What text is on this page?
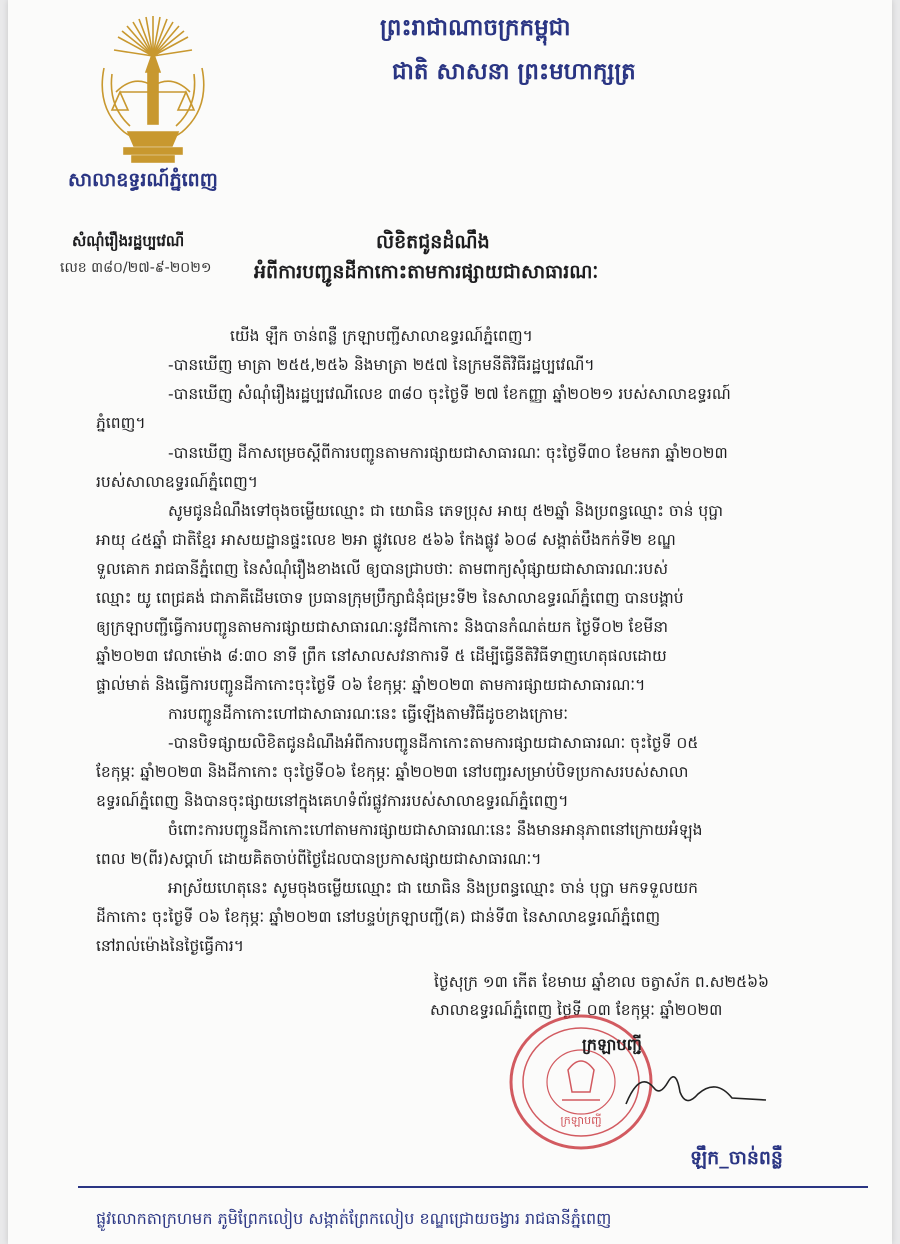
សាលាឧទ្ធរណ៍ភ្នំពេញ
ព្រះរាជាណាចក្រកម្ពុជា
ជាតិ សាសនា ព្រះមហាក្សត្រ
សំណុំរឿងរដ្ឋប្បវេណី
លេខ ៣៨០/២៧-៩-២០២១
លិខិតជូនដំណឹង
អំពីការបញ្ជូនដីកាកោះតាមការផ្សាយជាសាធារណៈ
យើង ឡឹក ចាន់ពន្លឺ ក្រឡាបញ្ជីសាលាឧទ្ធរណ៍ភ្នំពេញ។
-បានឃើញ មាត្រា ២៥៥,២៥៦ និងមាត្រា ២៥៧ នៃក្រមនីតិវិធីរដ្ឋប្បវេណី។
-បានឃើញ សំណុំរឿងរដ្ឋប្បវេណីលេខ ៣៨០ ចុះថ្ងៃទី ២៧ ខែកញ្ញា ឆ្នាំ២០២១ របស់សាលាឧទ្ធរណ៍
ភ្នំពេញ។
-បានឃើញ ដីកាសម្រេចស្តីពីការបញ្ជូនតាមការផ្សាយជាសាធារណៈ ចុះថ្ងៃទី៣០ ខែមករា ឆ្នាំ២០២៣
របស់សាលាឧទ្ធរណ៍ភ្នំពេញ។
សូមជូនដំណឹងទៅចុងចម្លើយឈ្មោះ ជា យោធិន ភេទប្រុស អាយុ ៥២ឆ្នាំ និងប្រពន្ធឈ្មោះ ចាន់ បុប្ផា
អាយុ ៤៥ឆ្នាំ ជាតិខ្មែរ អាសយដ្ឋានផ្ទះលេខ ២អា ផ្លូវលេខ ៥៦៦ កែងផ្លូវ ៦០៨ សង្កាត់បឹងកក់ទី២ ខណ្ឌ
ទួលគោក រាជធានីភ្នំពេញ នៃសំណុំរឿងខាងលើ ឲ្យបានជ្រាបថាៈ តាមពាក្យសុំផ្សាយជាសាធារណៈរបស់
ឈ្មោះ យូ ពេជ្រគង់ ជាភាគីដើមចោទ ប្រធានក្រុមប្រឹក្សាជំនុំជម្រះទី២ នៃសាលាឧទ្ធរណ៍ភ្នំពេញ បានបង្គាប់
ឲ្យក្រឡាបញ្ជីធ្វើការបញ្ជូនតាមការផ្សាយជាសាធារណៈនូវដីកាកោះ និងបានកំណត់យក ថ្ងៃទី០២ ខែមីនា
ឆ្នាំ២០២៣ វេលាម៉ោង ៨:៣០ នាទី ព្រឹក នៅសាលសវនាការទី ៥ ដើម្បីធ្វើនីតិវិធីទាញហេតុផលដោយ
ផ្ទាល់មាត់ និងធ្វើការបញ្ជូនដីកាកោះចុះថ្ងៃទី ០៦ ខែកុម្ភៈ ឆ្នាំ២០២៣ តាមការផ្សាយជាសាធារណៈ។
ការបញ្ជូនដីកាកោះហៅជាសាធារណៈនេះ ធ្វើឡើងតាមវិធីដូចខាងក្រោមៈ
-បានបិទផ្សាយលិខិតជូនដំណឹងអំពីការបញ្ជូនដីកាកោះតាមការផ្សាយជាសាធារណៈ ចុះថ្ងៃទី ០៥
ខែកុម្ភៈ ឆ្នាំ២០២៣ និងដីកាកោះ ចុះថ្ងៃទី០៦ ខែកុម្ភៈ ឆ្នាំ២០២៣ នៅបញ្ជរសម្រាប់បិទប្រកាសរបស់សាលា
ឧទ្ធរណ៍ភ្នំពេញ និងបានចុះផ្សាយនៅក្នុងគេហទំព័រផ្លូវការរបស់សាលាឧទ្ធរណ៍ភ្នំពេញ។
ចំពោះការបញ្ជូនដីកាកោះហៅតាមការផ្សាយជាសាធារណៈនេះ នឹងមានអានុភាពនៅក្រោយអំឡុង
ពេល ២(ពីរ)សប្តាហ៍ ដោយគិតចាប់ពីថ្ងៃដែលបានប្រកាសផ្សាយជាសាធារណៈ។
អាស្រ័យហេតុនេះ សូមចុងចម្លើយឈ្មោះ ជា យោធិន និងប្រពន្ធឈ្មោះ ចាន់ បុប្ផា មកទទួលយក
ដីកាកោះ ចុះថ្ងៃទី ០៦ ខែកុម្ភៈ ឆ្នាំ២០២៣ នៅបន្ទប់ក្រឡាបញ្ជី(គ) ជាន់ទី៣ នៃសាលាឧទ្ធរណ៍ភ្នំពេញ
នៅរាល់ម៉ោងនៃថ្ងៃធ្វើការ។
ថ្ងៃសុក្រ ១៣ កើត ខែមាឃ ឆ្នាំខាល ចត្វាស័ក ព.ស២៥៦៦
សាលាឧទ្ធរណ៍ភ្នំពេញ ថ្ងៃទី ០៣ ខែកុម្ភៈ ឆ្នាំ២០២៣
ក្រឡាបញ្ជី
ក្រឡាបញ្ជី
ឡឹក_ចាន់ពន្លឺ
ផ្លូវលោកតាក្រហមក ភូមិព្រែកលៀប សង្កាត់ព្រែកលៀប ខណ្ឌជ្រោយចង្វារ រាជធានីភ្នំពេញ
